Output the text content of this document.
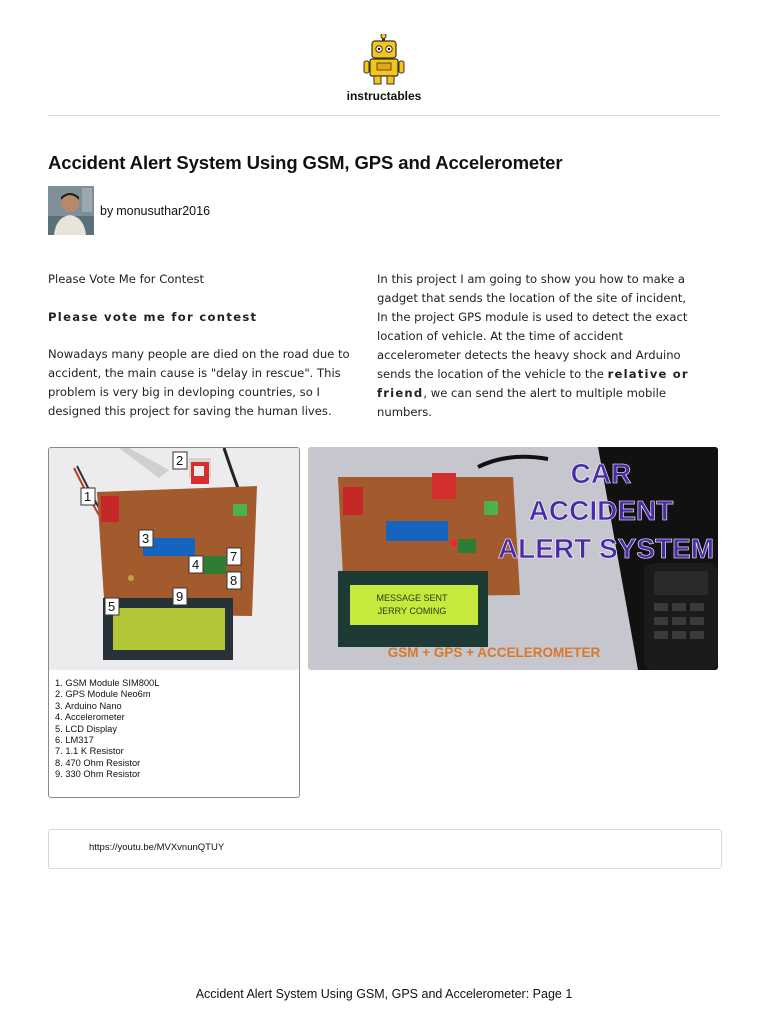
instructables
Accident Alert System Using GSM, GPS and Accelerometer
by monusuthar2016

Please Vote Me for Contest

Please vote me for contest

Nowadays many people are died on the road due to accident, the main cause is "delay in rescue". This problem is very big in devloping countries, so I designed this project for saving the human lives.

In this project I am going to show you how to make a gadget that sends the location of the site of incident, In the project GPS module is used to detect the exact location of vehicle. At the time of accident accelerometer detects the heavy shock and Arduino sends the location of the vehicle to the relative or friend, we can send the alert to multiple mobile numbers.

1
2
3
4
5
7
8
9
1. GSM Module SIM800L
2. GPS Module Neo6m
3. Arduino Nano
4. Accelerometer
5. LCD Display
6. LM317
7. 1.1 K Resistor
8. 470 Ohm Resistor
9. 330 Ohm Resistor
MESSAGE SENT
JERRY COMING
CAR
ACCIDENT
ALERT SYSTEM
GSM + GPS + ACCELEROMETER
https://youtu.be/MVXvnunQTUY
Accident Alert System Using GSM, GPS and Accelerometer: Page 1
